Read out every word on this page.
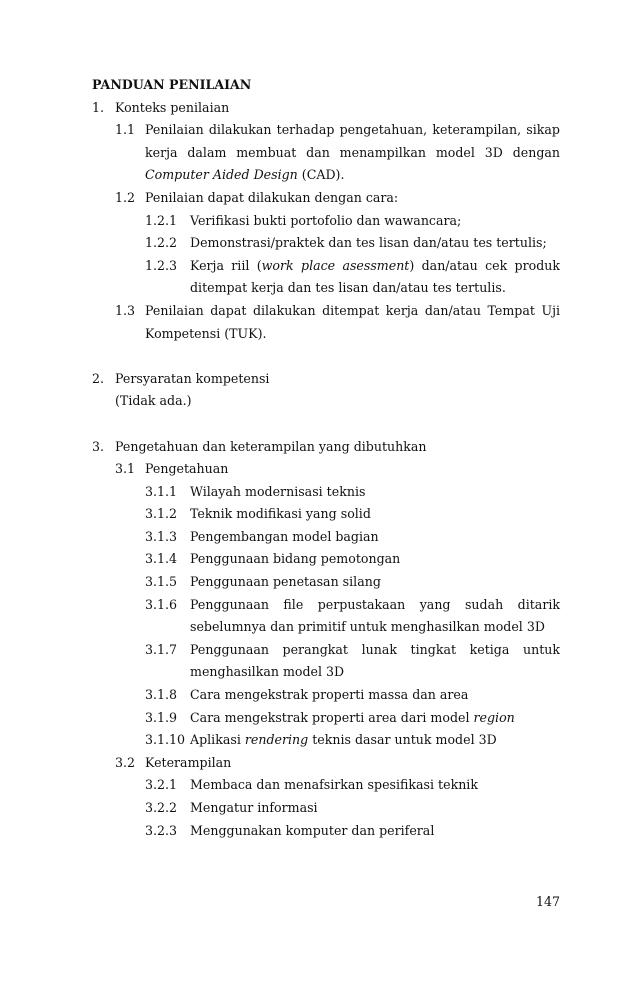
PANDUAN PENILAIAN
1. Konteks penilaian
1.1 Penilaian dilakukan terhadap pengetahuan, keterampilan, sikap kerja dalam membuat dan menampilkan model 3D dengan Computer Aided Design (CAD).
1.2 Penilaian dapat dilakukan dengan cara:
1.2.1	Verifikasi bukti portofolio dan wawancara;
1.2.2	Demonstrasi/praktek dan tes lisan dan/atau tes tertulis;
1.2.3	Kerja riil (work place asessment) dan/atau cek produk ditempat kerja dan tes lisan dan/atau tes tertulis.
1.3 Penilaian dapat dilakukan ditempat kerja dan/atau Tempat Uji Kompetensi (TUK).
2. Persyaratan kompetensi
(Tidak ada.)
3. Pengetahuan dan keterampilan yang dibutuhkan
3.1 Pengetahuan
3.1.1	Wilayah modernisasi teknis
3.1.2	Teknik modifikasi yang solid
3.1.3	Pengembangan model bagian
3.1.4	Penggunaan bidang pemotongan
3.1.5	Penggunaan penetasan silang
3.1.6	Penggunaan file perpustakaan yang sudah ditarik sebelumnya dan primitif untuk menghasilkan model 3D
3.1.7	Penggunaan perangkat lunak tingkat ketiga untuk menghasilkan model 3D
3.1.8	Cara mengekstrak properti massa dan area
3.1.9	Cara mengekstrak properti area dari model region
3.1.10 Aplikasi rendering teknis dasar untuk model 3D
3.2 Keterampilan
3.2.1	Membaca dan menafsirkan spesifikasi teknik
3.2.2	Mengatur informasi
3.2.3	Menggunakan komputer dan periferal
147
